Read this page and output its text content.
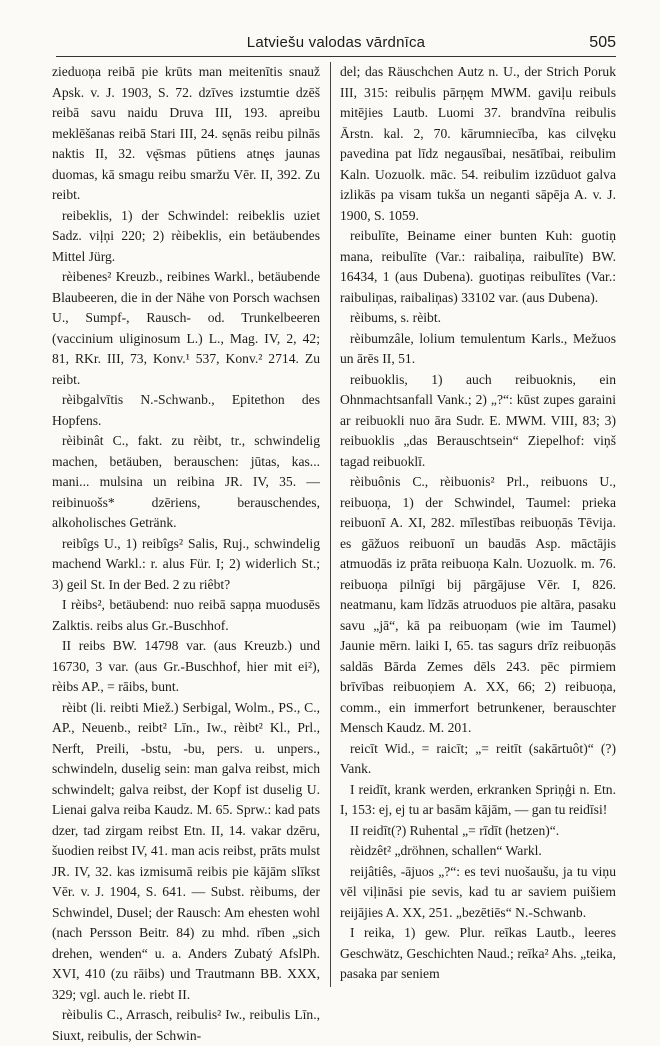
Latviešu valodas vārdnīca	505

zieduoņa reibā pie krūts man meitenītis snauž Apsk. v. J. 1903, S. 72. dzīves izstumtie dzēš reibā savu naidu Druva III, 193. apreibu meklēšanas reibā Stari III, 24. sęnās reibu pilnās naktis II, 32. vę̄smas pūtiens atnęs jaunas duomas, kā smagu reibu smaržu Vēr. II, 392. Zu reibt.

reibeklis, 1) der Schwindel: reibeklis uziet Sadz. viļņi 220; 2) rèibeklis, ein betäubendes Mittel Jürg.

rèibenes² Kreuzb., reibines Warkl., betäubende Blaubeeren, die in der Nähe von Porsch wachsen U., Sumpf-, Rausch- od. Trunkelbeeren (vaccinium uliginosum L.) L., Mag. IV, 2, 42; 81, RKr. III, 73, Konv.¹ 537, Konv.² 2714. Zu reibt.

rèibgalvītis N.-Schwanb., Epitethon des Hopfens.

rèibinât C., fakt. zu rèibt, tr., schwindelig machen, betäuben, berauschen: jūtas, kas... mani... mulsina un reibina JR. IV, 35. —reibinuošs* dzēriens, berauschendes, alkoholisches Getränk.

reibîgs U., 1) reibîgs² Salis, Ruj., schwindelig machend Warkl.: r. alus Für. I; 2) widerlich St.; 3) geil St. In der Bed. 2 zu riêbt?

I rèibs², betäubend: nuo reibā sapņa muodusēs Zalktis. reibs alus Gr.-Buschhof.

II reibs BW. 14798 var. (aus Kreuzb.) und 16730, 3 var. (aus Gr.-Buschhof, hier mit ei²), rèibs AP., = rāibs, bunt.

rèibt (li. reibti Miež.) Serbigal, Wolm., PS., C., AP., Neuenb., reibt² Līn., Iw., rèibt² Kl., Prl., Nerft, Preili, -bstu, -bu, pers. u. unpers., schwindeln, duselig sein: man galva reibst, mich schwindelt; galva reibst, der Kopf ist duselig U. Lienai galva reiba Kaudz. M. 65. Sprw.: kad pats dzer, tad zirgam reibst Etn. II, 14. vakar dzēru, šuodien reibst IV, 41. man acis reibst, prāts mulst JR. IV, 32. kas izmisumā reibis pie kājām slīkst Vēr. v. J. 1904, S. 641. — Subst. rèibums, der Schwindel, Dusel; der Rausch: Am ehesten wohl (nach Persson Beitr. 84) zu mhd. rīben „sich drehen, wenden“ u. a. Anders Zubatý AfslPh. XVI, 410 (zu rāibs) und Trautmann BB. XXX, 329; vgl. auch le. riebt II.

rèibulis C., Arrasch, reibulis² Iw., reibulis Līn., Siuxt, reibulis, der Schwin-

del; das Räuschchen Autz n. U., der Strich Poruk III, 315: reibulis pārņęm MWM. gaviļu reibuls mitējies Lautb. Luomi 37. brandvīna reibulis Ārstn. kal. 2, 70. kārumniecība, kas cilvęku pavedina pat līdz negausībai, nesātībai, reibulim Kaln. Uozuolk. māc. 54. reibulim izzūduot galva izlikās pa visam tukša un neganti sāpēja A. v. J. 1900, S. 1059.

reibulīte, Beiname einer bunten Kuh: guotiņ mana, reibulīte (Var.: raibaliņa, raibulīte) BW. 16434, 1 (aus Dubena). guotiņas reibulītes (Var.: raibuliņas, raibaliņas) 33102 var. (aus Dubena).

rèibums, s. rèibt.

rèibumzâle, lolium temulentum Karls., Mežuos un ārēs II, 51.

reibuoklis, 1) auch reibuoknis, ein Ohnmachtsanfall Vank.; 2) „?“: kūst zupes garaini ar reibuokli nuo āra Sudr. E. MWM. VIII, 83; 3) reibuoklis „das Berauschtsein“ Ziepelhof: viņš tagad reibuoklī.

rèibuônis C., rèibuonis² Prl., reibuons U., reibuoņa, 1) der Schwindel, Taumel: prieka reibuonī A. XI, 282. mīlestības reibuoņās Tēvija. es gāžuos reibuonī un baudās Asp. māctājis atmuodās iz prāta reibuoņa Kaln. Uozuolk. m. 76. reibuoņa pilnīgi bij pārgājuse Vēr. I, 826. neatmanu, kam līdzās atruoduos pie altāra, pasaku savu „jā“, kā pa reibuoņam (wie im Taumel) Jaunie mērn. laiki I, 65. tas sagurs drīz reibuoņās saldās Bārda Zemes dēls 243. pēc pirmiem brīvības reibuoņiem A. XX, 66; 2) reibuoņa, comm., ein immerfort betrunkener, berauschter Mensch Kaudz. M. 201.

reicīt Wid., = raicīt; „= reitīt (sakārtuôt)“ (?) Vank.

I reidīt, krank werden, erkranken Spriņģi n. Etn. I, 153: ej, ej tu ar basām kājām, — gan tu reidīsi!

II reidīt(?) Ruhental „= rīdīt (hetzen)“.

rèidzêt² „dröhnen, schallen“ Warkl.

reijâtiês, -ājuos „?“: es tevi nuošaušu, ja tu viņu vēl viļināsi pie sevis, kad tu ar saviem puišiem reijājies A. XX, 251. „bezētiēs“ N.-Schwanb.

I reika, 1) gew. Plur. reīkas Lautb., leeres Geschwätz, Geschichten Naud.; reīka² Ahs. „teika, pasaka par seniem
